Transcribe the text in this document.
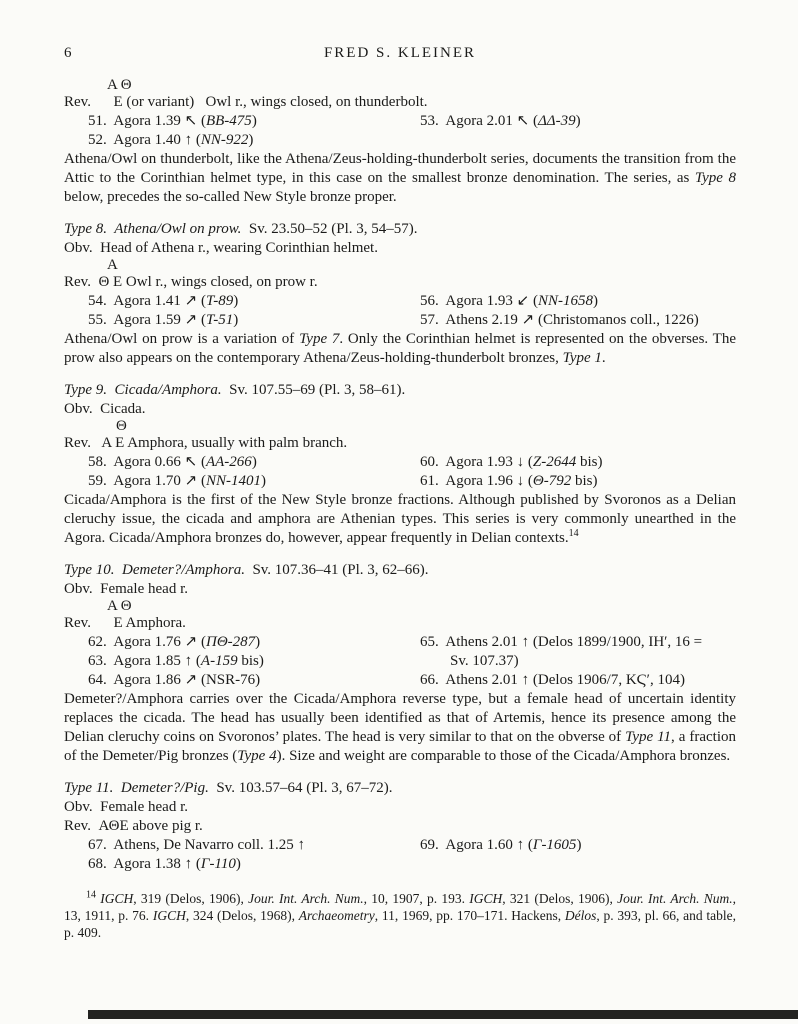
6	FRED S. KLEINER
A Θ
Rev.      E (or variant)   Owl r., wings closed, on thunderbolt.
51.  Agora 1.39 ↖ (BB-475)
52.  Agora 1.40 ↑ (NN-922)
53.  Agora 2.01 ↖ (ΔΔ-39)
Athena/Owl on thunderbolt, like the Athena/Zeus-holding-thunderbolt series, documents the transition from the Attic to the Corinthian helmet type, in this case on the smallest bronze denomination. The series, as Type 8 below, precedes the so-called New Style bronze proper.
Type 8.  Athena/Owl on prow.  Sv. 23.50–52 (Pl. 3, 54–57).
Obv.  Head of Athena r., wearing Corinthian helmet.
A
Rev.  Θ E Owl r., wings closed, on prow r.
54.  Agora 1.41 ↗ (T-89)
55.  Agora 1.59 ↗ (T-51)
56.  Agora 1.93 ↙ (NN-1658)
57.  Athens 2.19 ↗ (Christomanos coll., 1226)
Athena/Owl on prow is a variation of Type 7. Only the Corinthian helmet is represented on the obverses. The prow also appears on the contemporary Athena/Zeus-holding-thunderbolt bronzes, Type 1.
Type 9.  Cicada/Amphora.  Sv. 107.55–69 (Pl. 3, 58–61).
Obv.  Cicada.
Θ
Rev.   A E Amphora, usually with palm branch.
58.  Agora 0.66 ↖ (AA-266)
59.  Agora 1.70 ↗ (NN-1401)
60.  Agora 1.93 ↓ (Z-2644 bis)
61.  Agora 1.96 ↓ (Θ-792 bis)
Cicada/Amphora is the first of the New Style bronze fractions. Although published by Svoronos as a Delian cleruchy issue, the cicada and amphora are Athenian types. This series is very commonly unearthed in the Agora. Cicada/Amphora bronzes do, however, appear frequently in Delian contexts.$^{14}$
Type 10.  Demeter?/Amphora.  Sv. 107.36–41 (Pl. 3, 62–66).
Obv.  Female head r.
A Θ
Rev.      E Amphora.
62.  Agora 1.76 ↗ (ΠΘ-287)
63.  Agora 1.85 ↑ (A-159 bis)
64.  Agora 1.86 ↗ (NSR-76)
65.  Athens 2.01 ↑ (Delos 1899/1900, ΙΗ′, 16 =
Sv. 107.37)
66.  Athens 2.01 ↑ (Delos 1906/7, ΚϚ′, 104)
Demeter?/Amphora carries over the Cicada/Amphora reverse type, but a female head of uncertain identity replaces the cicada. The head has usually been identified as that of Artemis, hence its presence among the Delian cleruchy coins on Svoronos’ plates. The head is very similar to that on the obverse of Type 11, a fraction of the Demeter/Pig bronzes (Type 4). Size and weight are comparable to those of the Cicada/Amphora bronzes.
Type 11.  Demeter?/Pig.  Sv. 103.57–64 (Pl. 3, 67–72).
Obv.  Female head r.
Rev.  ΑΘΕ above pig r.
67.  Athens, De Navarro coll. 1.25 ↑
68.  Agora 1.38 ↑ (Γ-110)
69.  Agora 1.60 ↑ (Γ-1605)
$^{14}$ IGCH, 319 (Delos, 1906), Jour. Int. Arch. Num., 10, 1907, p. 193. IGCH, 321 (Delos, 1906), Jour. Int. Arch. Num., 13, 1911, p. 76. IGCH, 324 (Delos, 1968), Archaeometry, 11, 1969, pp. 170–171. Hackens, Délos, p. 393, pl. 66, and table, p. 409.
